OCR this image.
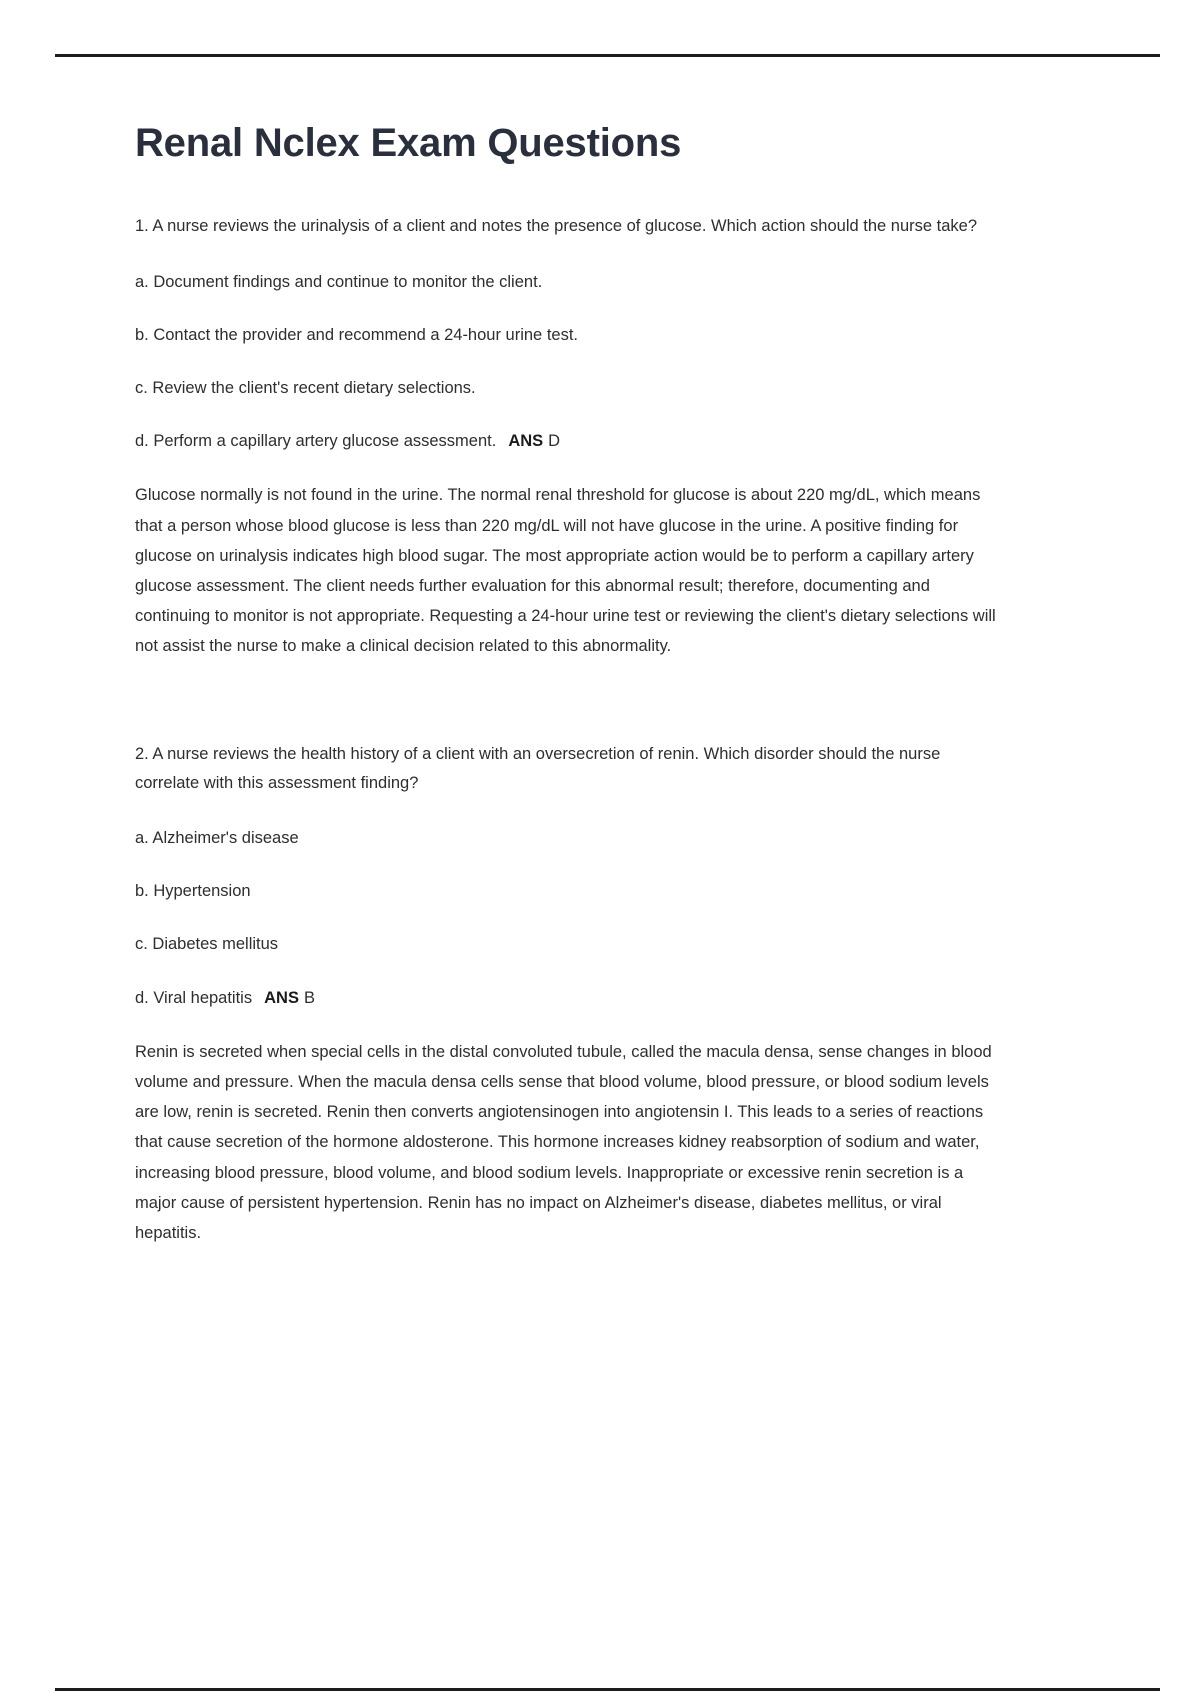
Renal Nclex Exam Questions

1. A nurse reviews the urinalysis of a client and notes the presence of glucose. Which action should the nurse take?

a. Document findings and continue to monitor the client.

b. Contact the provider and recommend a 24-hour urine test.

c. Review the client's recent dietary selections.

d. Perform a capillary artery glucose assessment. ANS D

Glucose normally is not found in the urine. The normal renal threshold for glucose is about 220 mg/dL, which means that a person whose blood glucose is less than 220 mg/dL will not have glucose in the urine. A positive finding for glucose on urinalysis indicates high blood sugar. The most appropriate action would be to perform a capillary artery glucose assessment. The client needs further evaluation for this abnormal result; therefore, documenting and continuing to monitor is not appropriate. Requesting a 24-hour urine test or reviewing the client's dietary selections will not assist the nurse to make a clinical decision related to this abnormality.

2. A nurse reviews the health history of a client with an oversecretion of renin. Which disorder should the nurse correlate with this assessment finding?

a. Alzheimer's disease

b. Hypertension

c. Diabetes mellitus

d. Viral hepatitis ANS B

Renin is secreted when special cells in the distal convoluted tubule, called the macula densa, sense changes in blood volume and pressure. When the macula densa cells sense that blood volume, blood pressure, or blood sodium levels are low, renin is secreted. Renin then converts angiotensinogen into angiotensin I. This leads to a series of reactions that cause secretion of the hormone aldosterone. This hormone increases kidney reabsorption of sodium and water, increasing blood pressure, blood volume, and blood sodium levels. Inappropriate or excessive renin secretion is a major cause of persistent hypertension. Renin has no impact on Alzheimer's disease, diabetes mellitus, or viral hepatitis.
